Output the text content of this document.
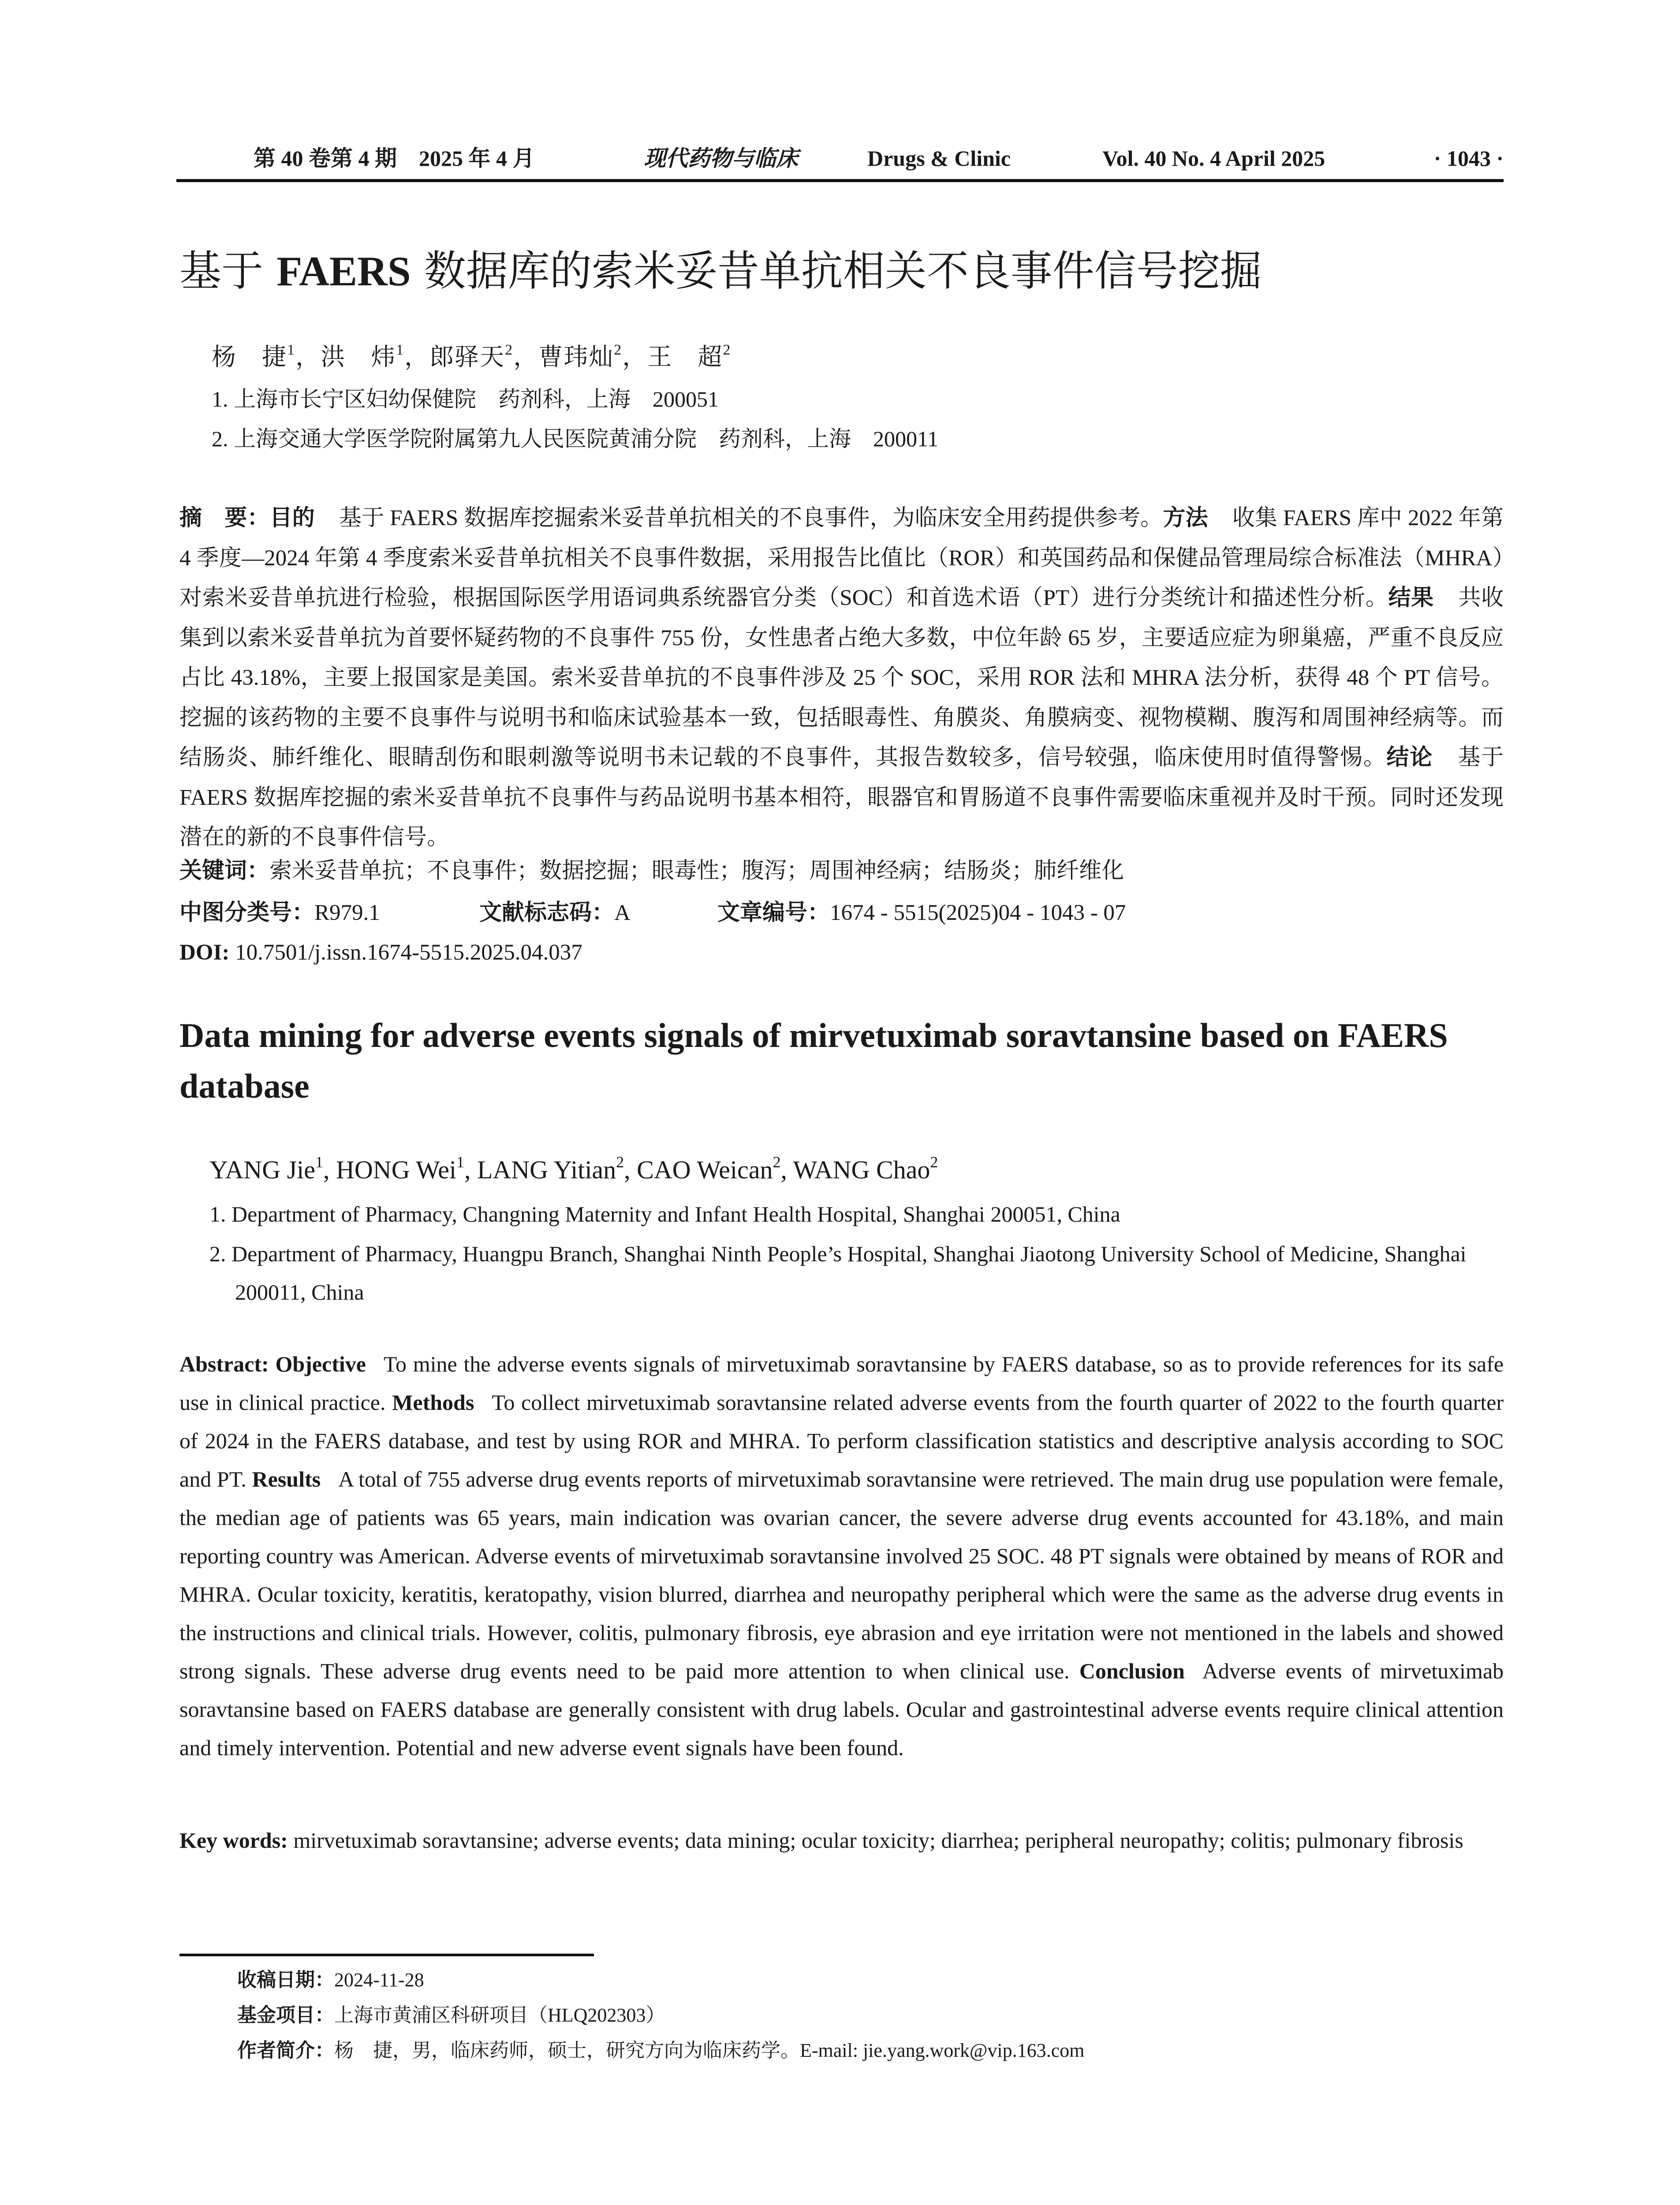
第 40 卷第 4 期　2025 年 4 月	现代药物与临床	Drugs & Clinic	Vol. 40 No. 4 April 2025	· 1043 ·
基于 FAERS 数据库的索米妥昔单抗相关不良事件信号挖掘
杨　捷$^1$，洪　炜$^1$，郎驿天$^2$，曹玮灿$^2$，王　超$^2$
1. 上海市长宁区妇幼保健院　药剂科，上海　200051
2. 上海交通大学医学院附属第九人民医院黄浦分院　药剂科，上海　200011
摘　要：目的 基于 FAERS 数据库挖掘索米妥昔单抗相关的不良事件，为临床安全用药提供参考。方法 收集 FAERS 库中 2022 年第 4 季度—2024 年第 4 季度索米妥昔单抗相关不良事件数据，采用报告比值比（ROR）和英国药品和保健品管理局综合标准法（MHRA）对索米妥昔单抗进行检验，根据国际医学用语词典系统器官分类（SOC）和首选术语（PT）进行分类统计和描述性分析。结果 共收集到以索米妥昔单抗为首要怀疑药物的不良事件 755 份，女性患者占绝大多数，中位年龄 65 岁，主要适应症为卵巢癌，严重不良反应占比 43.18%，主要上报国家是美国。索米妥昔单抗的不良事件涉及 25 个 SOC，采用 ROR 法和 MHRA 法分析，获得 48 个 PT 信号。挖掘的该药物的主要不良事件与说明书和临床试验基本一致，包括眼毒性、角膜炎、角膜病变、视物模糊、腹泻和周围神经病等。而结肠炎、肺纤维化、眼睛刮伤和眼刺激等说明书未记载的不良事件，其报告数较多，信号较强，临床使用时值得警惕。结论 基于 FAERS 数据库挖掘的索米妥昔单抗不良事件与药品说明书基本相符，眼器官和胃肠道不良事件需要临床重视并及时干预。同时还发现潜在的新的不良事件信号。
关键词：索米妥昔单抗；不良事件；数据挖掘；眼毒性；腹泻；周围神经病；结肠炎；肺纤维化
中图分类号：R979.1	文献标志码：A	文章编号：1674 - 5515(2025)04 - 1043 - 07
DOI: 10.7501/j.issn.1674-5515.2025.04.037
Data mining for adverse events signals of mirvetuximab soravtansine based on FAERS database
YANG Jie$^1$, HONG Wei$^1$, LANG Yitian$^2$, CAO Weican$^2$, WANG Chao$^2$
1. Department of Pharmacy, Changning Maternity and Infant Health Hospital, Shanghai 200051, China
2. Department of Pharmacy, Huangpu Branch, Shanghai Ninth People’s Hospital, Shanghai Jiaotong University School of Medicine, Shanghai 200011, China
Abstract: Objective To mine the adverse events signals of mirvetuximab soravtansine by FAERS database, so as to provide references for its safe use in clinical practice. Methods To collect mirvetuximab soravtansine related adverse events from the fourth quarter of 2022 to the fourth quarter of 2024 in the FAERS database, and test by using ROR and MHRA. To perform classification statistics and descriptive analysis according to SOC and PT. Results A total of 755 adverse drug events reports of mirvetuximab soravtansine were retrieved. The main drug use population were female, the median age of patients was 65 years, main indication was ovarian cancer, the severe adverse drug events accounted for 43.18%, and main reporting country was American. Adverse events of mirvetuximab soravtansine involved 25 SOC. 48 PT signals were obtained by means of ROR and MHRA. Ocular toxicity, keratitis, keratopathy, vision blurred, diarrhea and neuropathy peripheral which were the same as the adverse drug events in the instructions and clinical trials. However, colitis, pulmonary fibrosis, eye abrasion and eye irritation were not mentioned in the labels and showed strong signals. These adverse drug events need to be paid more attention to when clinical use. Conclusion Adverse events of mirvetuximab soravtansine based on FAERS database are generally consistent with drug labels. Ocular and gastrointestinal adverse events require clinical attention and timely intervention. Potential and new adverse event signals have been found.
Key words: mirvetuximab soravtansine; adverse events; data mining; ocular toxicity; diarrhea; peripheral neuropathy; colitis; pulmonary fibrosis
收稿日期：2024-11-28
基金项目：上海市黄浦区科研项目（HLQ202303）
作者简介：杨　捷，男，临床药师，硕士，研究方向为临床药学。E-mail: jie.yang.work@vip.163.com
